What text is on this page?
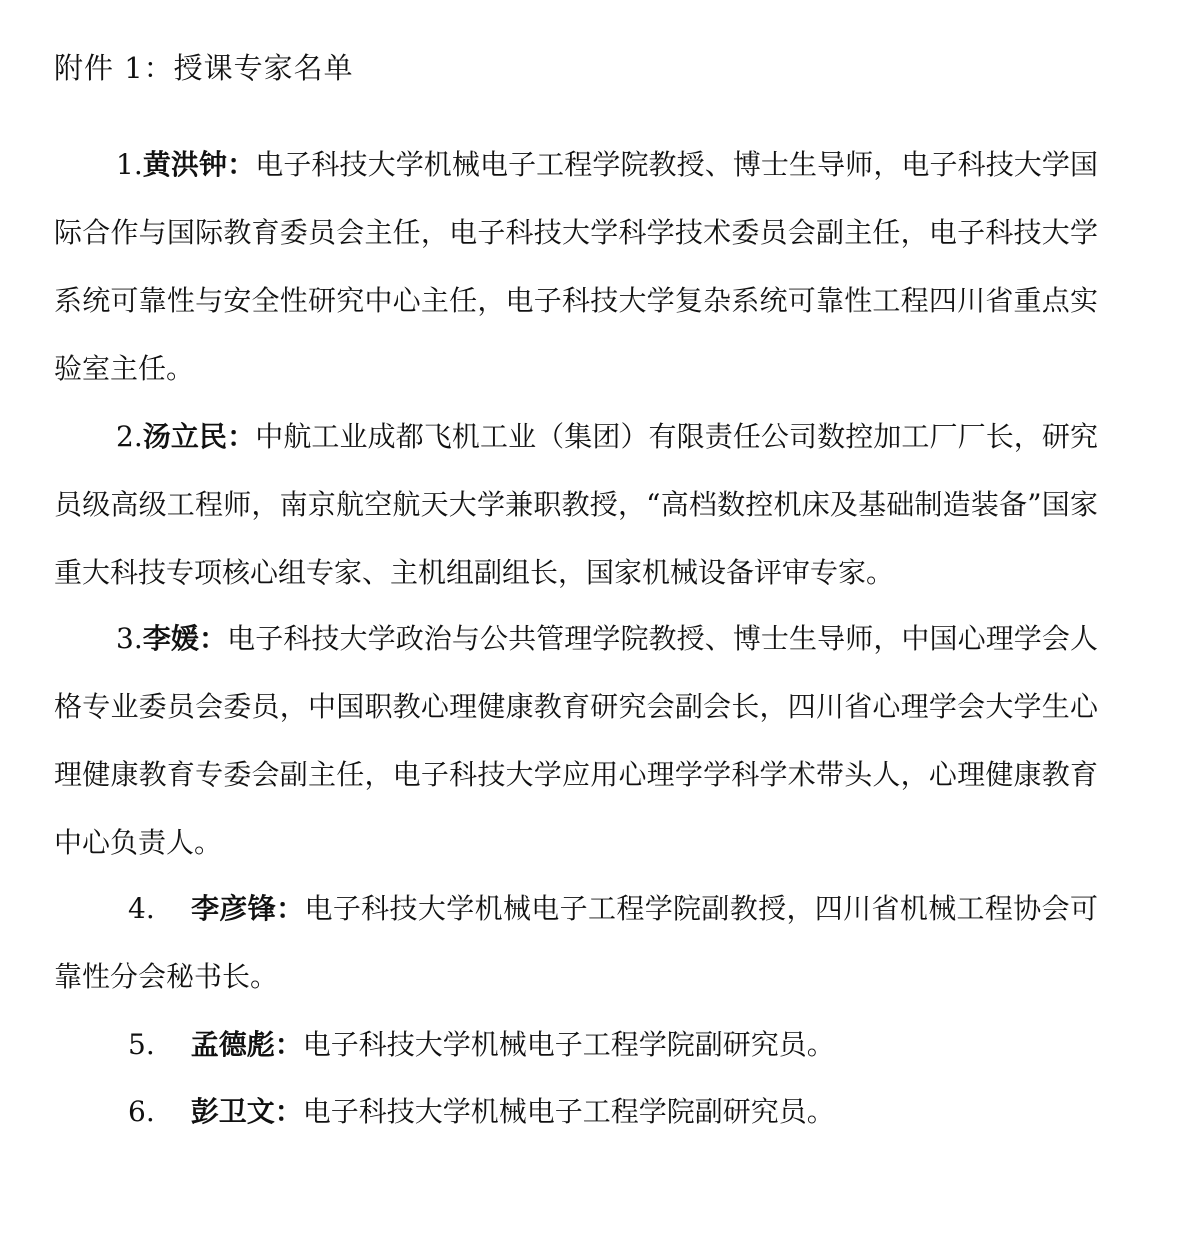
附件 1：授课专家名单

1.黄洪钟：电子科技大学机械电子工程学院教授、博士生导师，电子科技大学国际合作与国际教育委员会主任，电子科技大学科学技术委员会副主任，电子科技大学系统可靠性与安全性研究中心主任，电子科技大学复杂系统可靠性工程四川省重点实验室主任。

2.汤立民：中航工业成都飞机工业（集团）有限责任公司数控加工厂厂长，研究员级高级工程师，南京航空航天大学兼职教授，“高档数控机床及基础制造装备”国家重大科技专项核心组专家、主机组副组长，国家机械设备评审专家。

3.李媛：电子科技大学政治与公共管理学院教授、博士生导师，中国心理学会人格专业委员会委员，中国职教心理健康教育研究会副会长，四川省心理学会大学生心理健康教育专委会副主任，电子科技大学应用心理学学科学术带头人，心理健康教育中心负责人。

4. 李彦锋：电子科技大学机械电子工程学院副教授，四川省机械工程协会可靠性分会秘书长。

5. 孟德彪：电子科技大学机械电子工程学院副研究员。

6. 彭卫文：电子科技大学机械电子工程学院副研究员。
